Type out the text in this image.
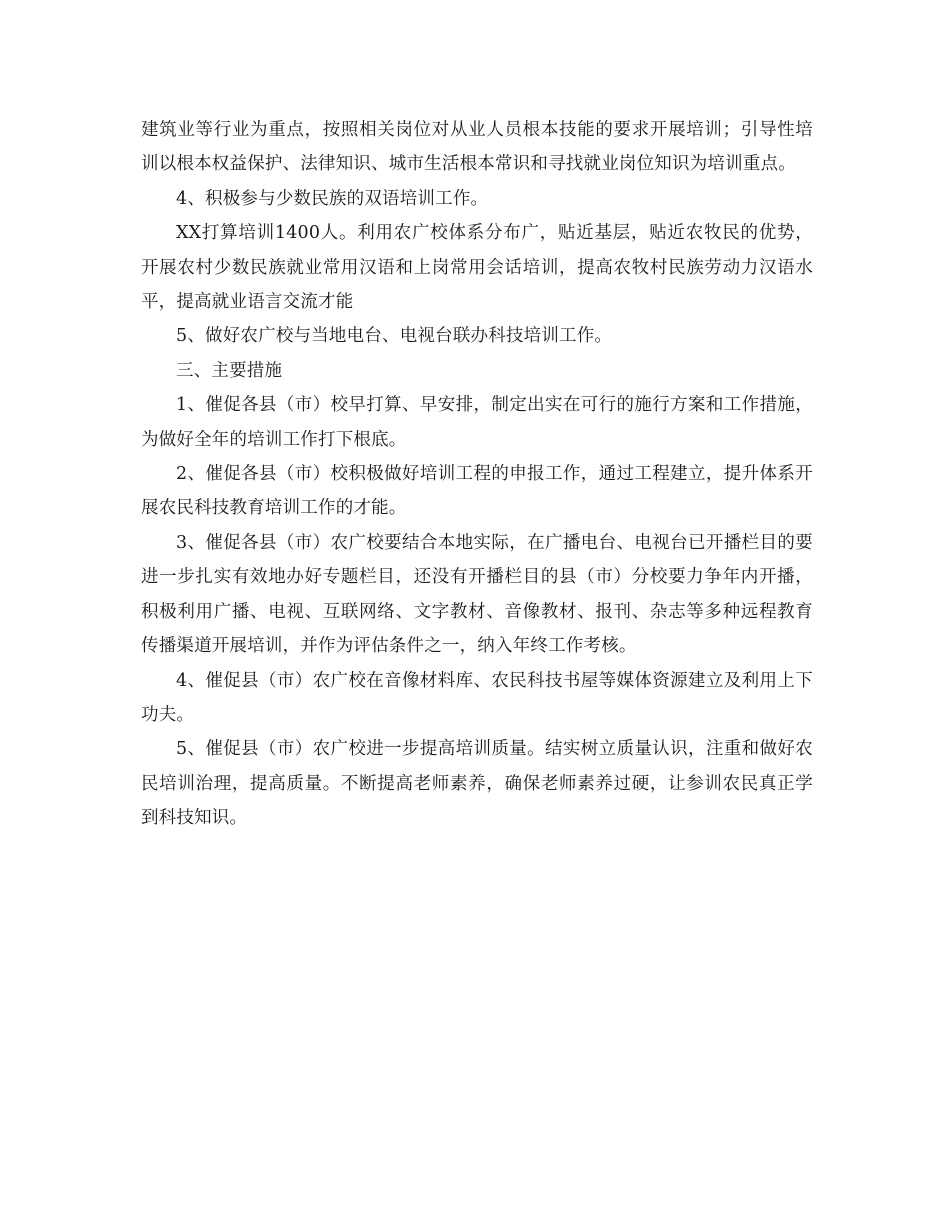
建筑业等行业为重点，按照相关岗位对从业人员根本技能的要求开展培训；引导性培训以根本权益保护、法律知识、城市生活根本常识和寻找就业岗位知识为培训重点。

4、积极参与少数民族的双语培训工作。

XX打算培训1400人。利用农广校体系分布广，贴近基层，贴近农牧民的优势，开展农村少数民族就业常用汉语和上岗常用会话培训，提高农牧村民族劳动力汉语水平，提高就业语言交流才能

5、做好农广校与当地电台、电视台联办科技培训工作。

三、主要措施

1、催促各县（市）校早打算、早安排，制定出实在可行的施行方案和工作措施，为做好全年的培训工作打下根底。

2、催促各县（市）校积极做好培训工程的申报工作，通过工程建立，提升体系开展农民科技教育培训工作的才能。

3、催促各县（市）农广校要结合本地实际，在广播电台、电视台已开播栏目的要进一步扎实有效地办好专题栏目，还没有开播栏目的县（市）分校要力争年内开播，积极利用广播、电视、互联网络、文字教材、音像教材、报刊、杂志等多种远程教育传播渠道开展培训，并作为评估条件之一，纳入年终工作考核。

4、催促县（市）农广校在音像材料库、农民科技书屋等媒体资源建立及利用上下功夫。

5、催促县（市）农广校进一步提高培训质量。结实树立质量认识，注重和做好农民培训治理，提高质量。不断提高老师素养，确保老师素养过硬，让参训农民真正学到科技知识。
